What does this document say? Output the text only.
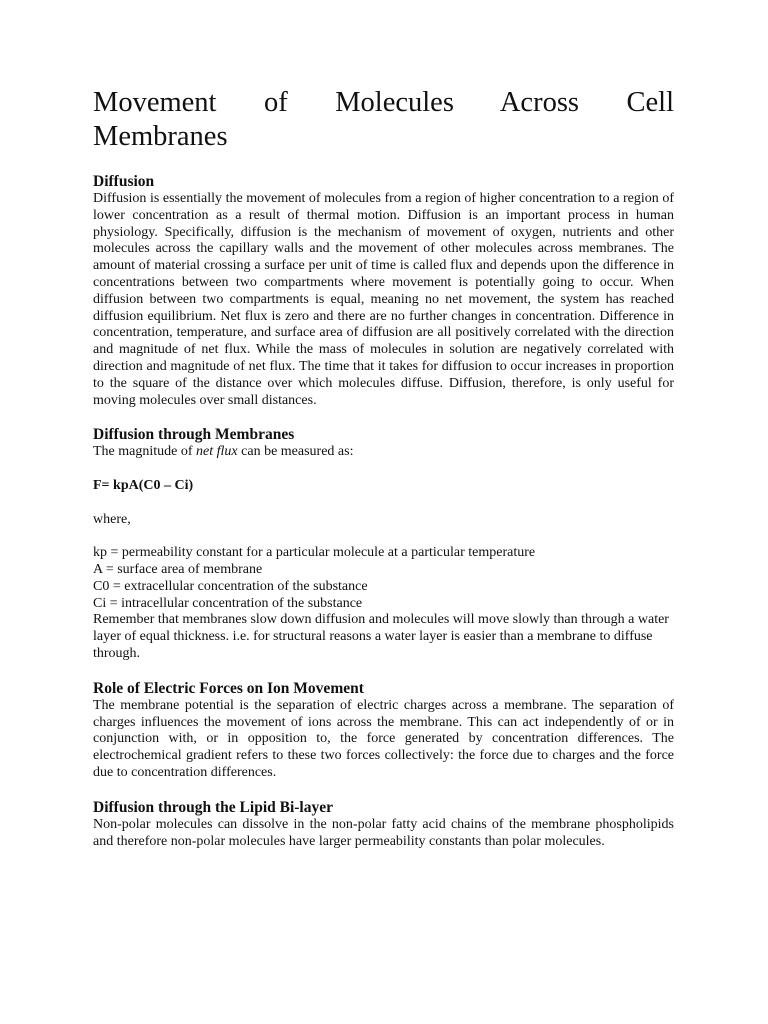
Movement of Molecules Across Cell
Membranes
Diffusion

Diffusion is essentially the movement of molecules from a region of higher concentration to a region of lower concentration as a result of thermal motion. Diffusion is an important process in human physiology. Specifically, diffusion is the mechanism of movement of oxygen, nutrients and other molecules across the capillary walls and the movement of other molecules across membranes. The amount of material crossing a surface per unit of time is called flux and depends upon the difference in concentrations between two compartments where movement is potentially going to occur. When diffusion between two compartments is equal, meaning no net movement, the system has reached diffusion equilibrium. Net flux is zero and there are no further changes in concentration. Difference in concentration, temperature, and surface area of diffusion are all positively correlated with the direction and magnitude of net flux. While the mass of molecules in solution are negatively correlated with direction and magnitude of net flux. The time that it takes for diffusion to occur increases in proportion to the square of the distance over which molecules diffuse. Diffusion, therefore, is only useful for moving molecules over small distances.

Diffusion through Membranes

The magnitude of net flux can be measured as:

F= kpA(C0 – Ci)

where,

kp = permeability constant for a particular molecule at a particular temperature

A = surface area of membrane

C0 = extracellular concentration of the substance

Ci = intracellular concentration of the substance

Remember that membranes slow down diffusion and molecules will move slowly than through a water layer of equal thickness. i.e. for structural reasons a water layer is easier than a membrane to diffuse through.

Role of Electric Forces on Ion Movement

The membrane potential is the separation of electric charges across a membrane. The separation of charges influences the movement of ions across the membrane. This can act independently of or in conjunction with, or in opposition to, the force generated by concentration differences. The electrochemical gradient refers to these two forces collectively: the force due to charges and the force due to concentration differences.

Diffusion through the Lipid Bi-layer

Non-polar molecules can dissolve in the non-polar fatty acid chains of the membrane phospholipids and therefore non-polar molecules have larger permeability constants than polar molecules.
